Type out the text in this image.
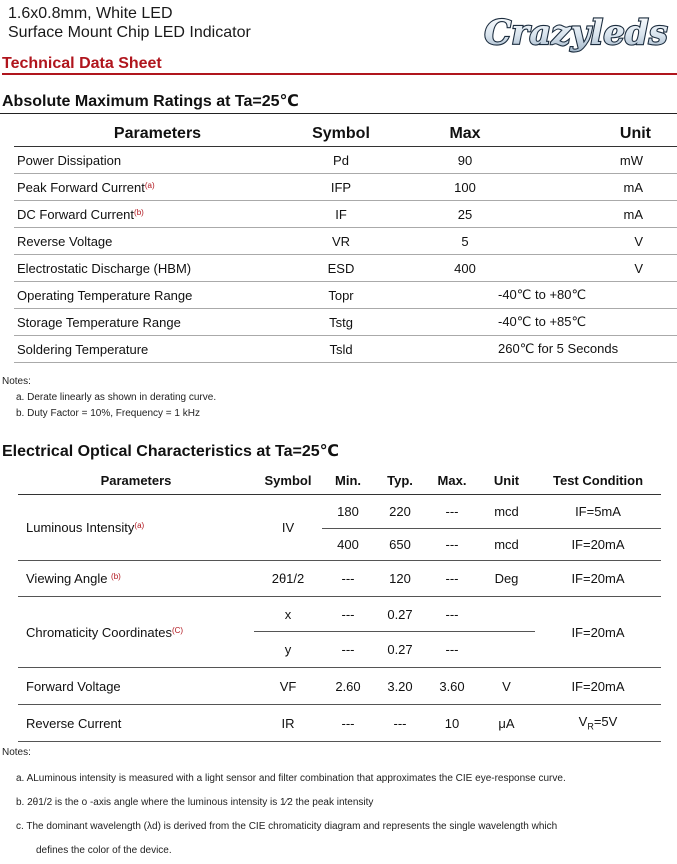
1.6x0.8mm, White LED
Surface Mount Chip LED Indicator	Crazyleds
Technical Data Sheet
Absolute Maximum Ratings at Ta=25℃
Parameters	Symbol	Max	Unit
Power Dissipation	Pd	90	mW
Peak Forward Current$^{(a)}$	IFP	100	mA
DC Forward Current$^{(b)}$	IF	25	mA
Reverse Voltage	VR	5	V
Electrostatic Discharge (HBM)	ESD	400	V
Operating Temperature Range	Topr	-40℃ to +80℃	
Storage Temperature Range	Tstg	-40℃ to +85℃	
Soldering Temperature	Tsld	260℃ for 5 Seconds	
Notes:
a. Derate linearly as shown in derating curve.
b. Duty Factor = 10%, Frequency = 1 kHz
Electrical Optical Characteristics at Ta=25℃
Parameters	Symbol	Min.	Typ.	Max.	Unit	Test Condition
Luminous Intensity$^{(a)}$	IV	180	220	---	mcd	IF=5mA
		400	650	---	mcd	IF=20mA
Viewing Angle $^{(b)}$	2θ1/2	---	120	---	Deg	IF=20mA
Chromaticity Coordinates$^{(C)}$	x	---	0.27	---		IF=20mA
	y	---	0.27	---		
Forward Voltage	VF	2.60	3.20	3.60	V	IF=20mA
Reverse Current	IR	---	---	10	μA	$V_R=5V$
Notes:
a. ALuminous intensity is measured with a light sensor and filter combination that approximates the CIE eye-response curve.
b. 2θ1/2 is the o -axis angle where the luminous intensity is 1⁄2 the peak intensity
c. The dominant wavelength (λd) is derived from the CIE chromaticity diagram and represents the single wavelength which
defines the color of the device.
